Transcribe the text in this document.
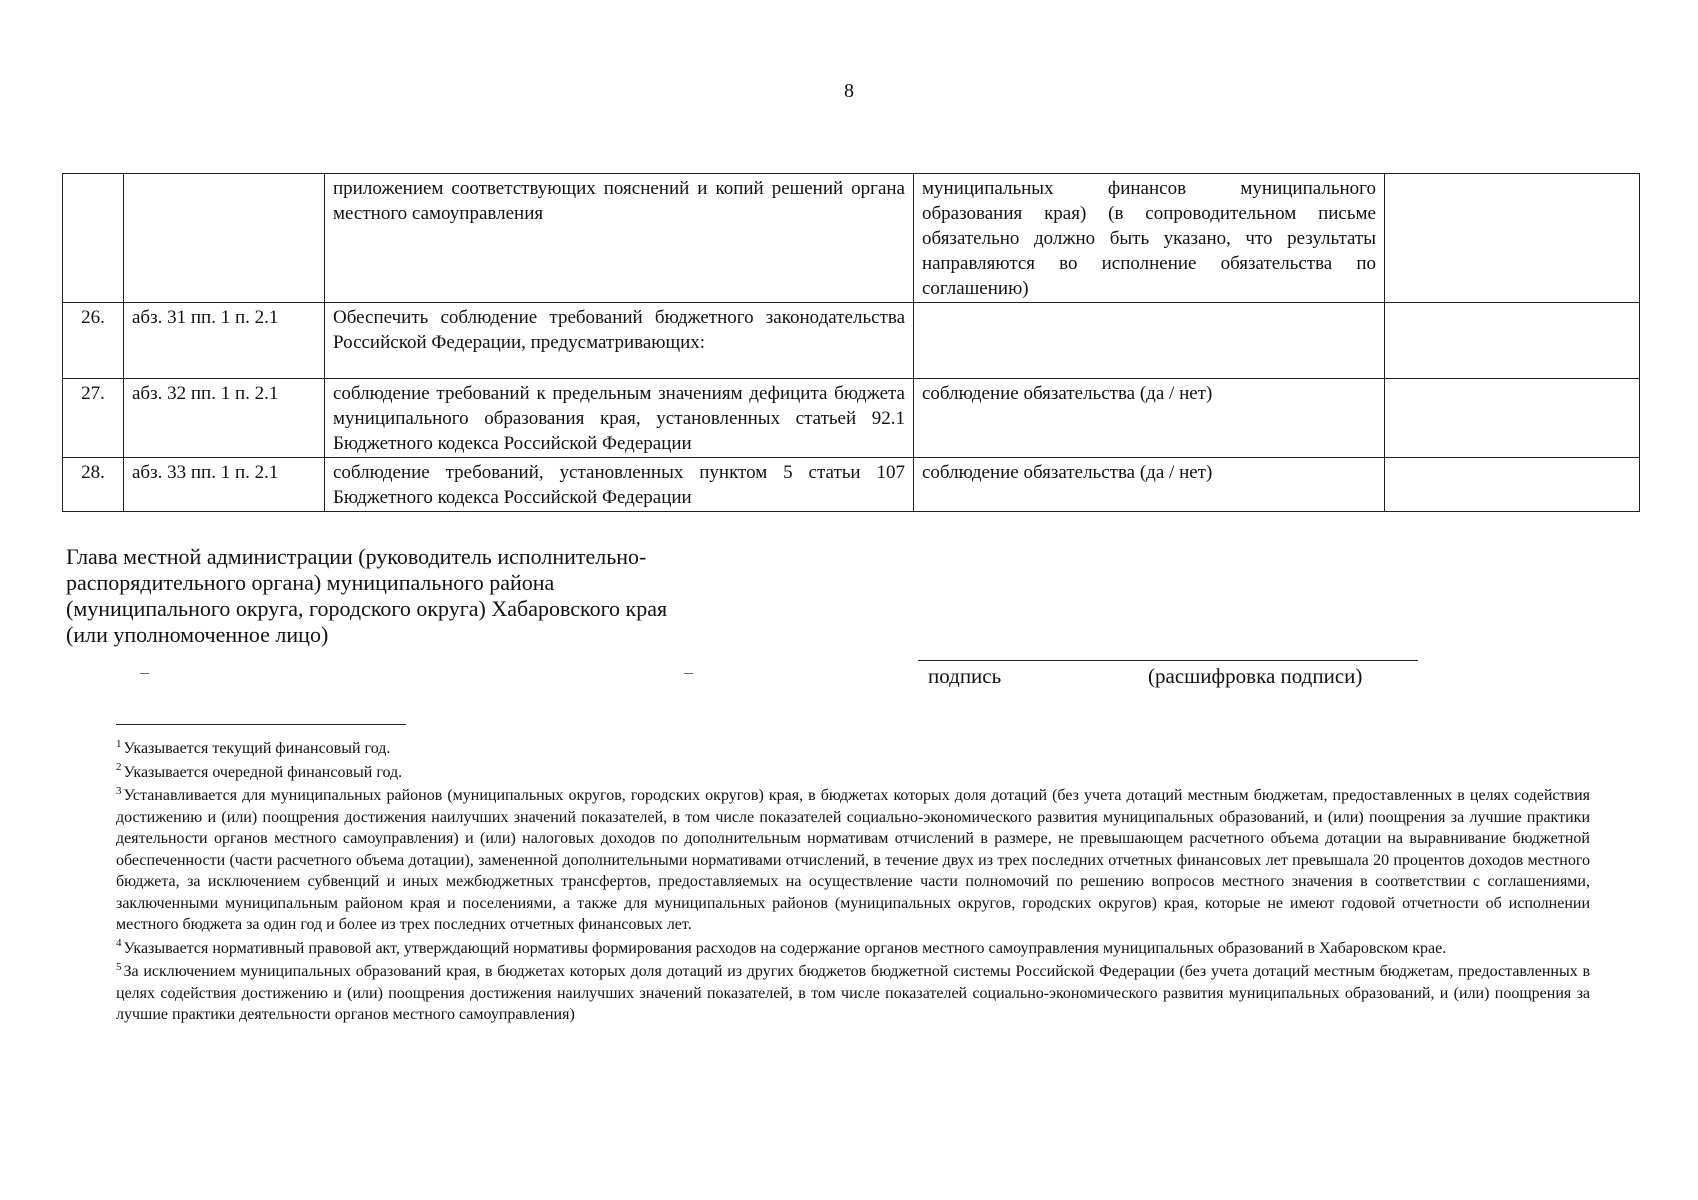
8
		приложением соответствующих пояснений и копий решений органа местного самоуправления	муниципальных финансов муниципального образования края) (в сопроводительном письме обязательно должно быть указано, что результаты направляются во исполнение обязательства по соглашению)	
26.	абз. 31 пп. 1 п. 2.1	Обеспечить соблюдение требований бюджетного законодательства Российской Федерации, предусматривающих:		
27.	абз. 32 пп. 1 п. 2.1	соблюдение требований к предельным значениям дефицита бюджета муниципального образования края, установленных статьей 92.1 Бюджетного кодекса Российской Федерации	соблюдение обязательства (да / нет)	
28.	абз. 33 пп. 1 п. 2.1	соблюдение требований, установленных пунктом 5 статьи 107 Бюджетного кодекса Российской Федерации	соблюдение обязательства (да / нет)	
Глава местной администрации (руководитель исполнительно-
распорядительного органа) муниципального района
(муниципального округа, городского округа) Хабаровского края
(или уполномоченное лицо)
–	–	подпись	(расшифровка подписи)
$^1$ Указывается текущий финансовый год.
$^2$ Указывается очередной финансовый год.
$^3$ Устанавливается для муниципальных районов (муниципальных округов, городских округов) края, в бюджетах которых доля дотаций (без учета дотаций местным бюджетам, предоставленных в целях содействия достижению и (или) поощрения достижения наилучших значений показателей, в том числе показателей социально-экономического развития муниципальных образований, и (или) поощрения за лучшие практики деятельности органов местного самоуправления) и (или) налоговых доходов по дополнительным нормативам отчислений в размере, не превышающем расчетного объема дотации на выравнивание бюджетной обеспеченности (части расчетного объема дотации), замененной дополнительными нормативами отчислений, в течение двух из трех последних отчетных финансовых лет превышала 20 процентов доходов местного бюджета, за исключением субвенций и иных межбюджетных трансфертов, предоставляемых на осуществление части полномочий по решению вопросов местного значения в соответствии с соглашениями, заключенными муниципальным районом края и поселениями, а также для муниципальных районов (муниципальных округов, городских округов) края, которые не имеют годовой отчетности об исполнении местного бюджета за один год и более из трех последних отчетных финансовых лет.
$^4$ Указывается нормативный правовой акт, утверждающий нормативы формирования расходов на содержание органов местного самоуправления муниципальных образований в Хабаровском крае.
$^5$ За исключением муниципальных образований края, в бюджетах которых доля дотаций из других бюджетов бюджетной системы Российской Федерации (без учета дотаций местным бюджетам, предоставленных в целях содействия достижению и (или) поощрения достижения наилучших значений показателей, в том числе показателей социально-экономического развития муниципальных образований, и (или) поощрения за лучшие практики деятельности органов местного самоуправления)
